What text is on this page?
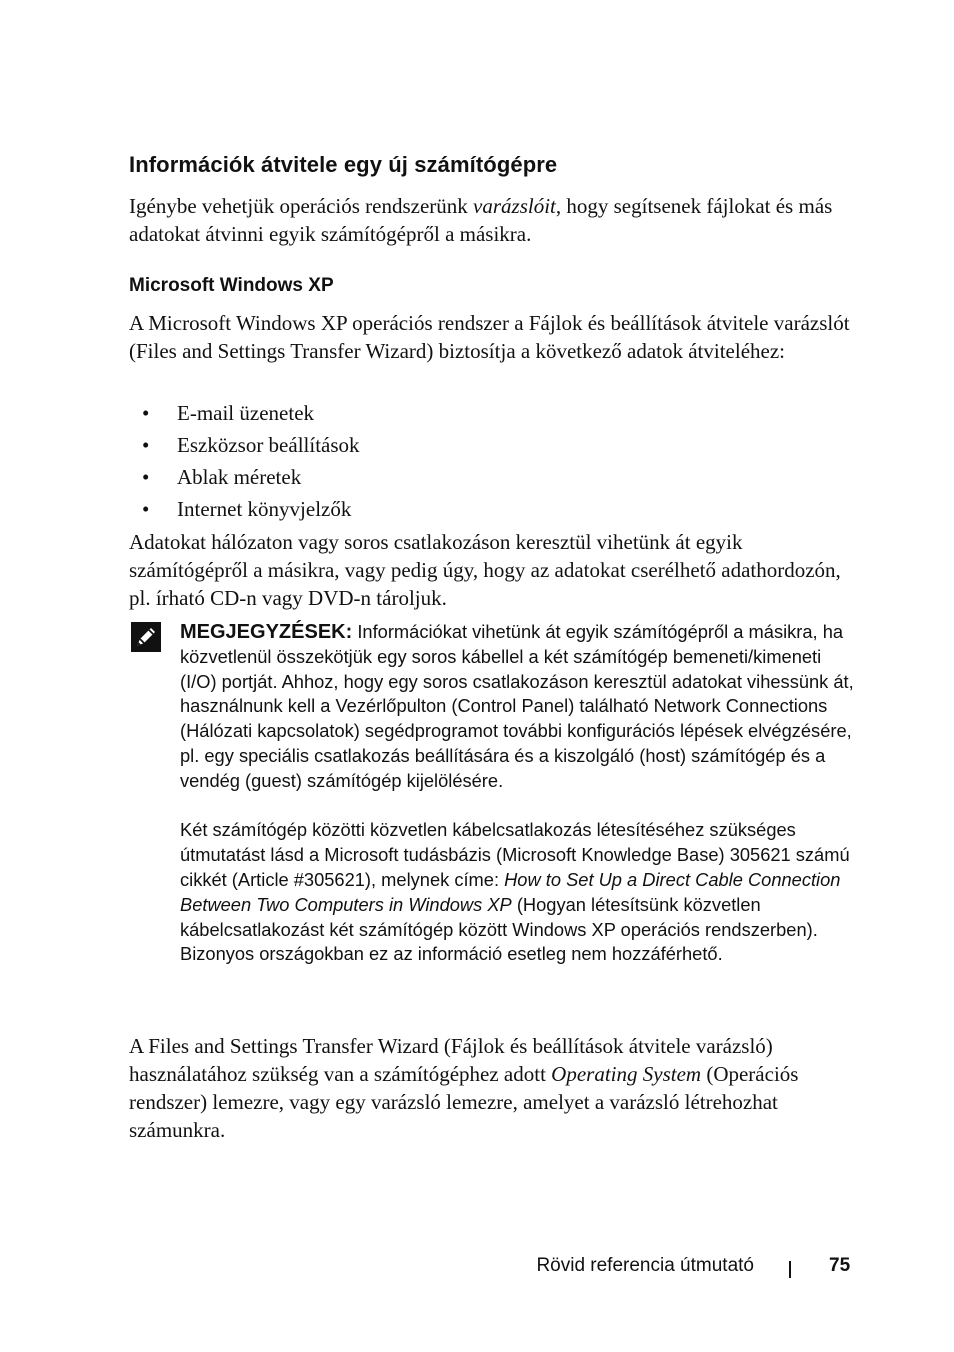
Információk átvitele egy új számítógépre
Igénybe vehetjük operációs rendszerünk varázslóit, hogy segítsenek fájlokat és más adatokat átvinni egyik számítógépről a másikra.
Microsoft Windows XP
A Microsoft Windows XP operációs rendszer a Fájlok és beállítások átvitele varázslót (Files and Settings Transfer Wizard) biztosítja a következő adatok átviteléhez:
• E-mail üzenetek
• Eszközsor beállítások
• Ablak méretek
• Internet könyvjelzők
Adatokat hálózaton vagy soros csatlakozáson keresztül vihetünk át egyik számítógépről a másikra, vagy pedig úgy, hogy az adatokat cserélhető adathordozón, pl. írható CD-n vagy DVD-n tároljuk.

MEGJEGYZÉSEK: Információkat vihetünk át egyik számítógépről a másikra, ha közvetlenül összekötjük egy soros kábellel a két számítógép bemeneti/kimeneti (I/O) portját. Ahhoz, hogy egy soros csatlakozáson keresztül adatokat vihessünk át, használnunk kell a Vezérlőpulton (Control Panel) található Network Connections (Hálózati kapcsolatok) segédprogramot további konfigurációs lépések elvégzésére, pl. egy speciális csatlakozás beállítására és a kiszolgáló (host) számítógép és a vendég (guest) számítógép kijelölésére.

Két számítógép közötti közvetlen kábelcsatlakozás létesítéséhez szükséges útmutatást lásd a Microsoft tudásbázis (Microsoft Knowledge Base) 305621 számú cikkét (Article #305621), melynek címe: How to Set Up a Direct Cable Connection Between Two Computers in Windows XP (Hogyan létesítsünk közvetlen kábelcsatlakozást két számítógép között Windows XP operációs rendszerben). Bizonyos országokban ez az információ esetleg nem hozzáférhető.

A Files and Settings Transfer Wizard (Fájlok és beállítások átvitele varázsló) használatához szükség van a számítógéphez adott Operating System (Operációs rendszer) lemezre, vagy egy varázsló lemezre, amelyet a varázsló létrehozhat számunkra.
Rövid referencia útmutató	75
